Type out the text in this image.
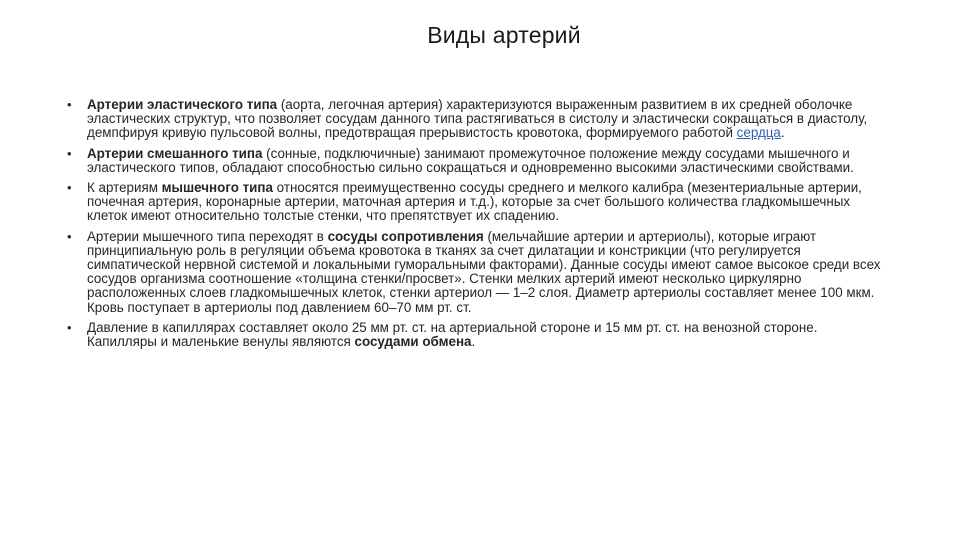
Виды артерий
• Артерии эластического типа (аорта, легочная артерия) характеризуются выраженным развитием в их средней оболочке эластических структур, что позволяет сосудам данного типа растягиваться в систолу и эластически сокращаться в диастолу, демпфируя кривую пульсовой волны, предотвращая прерывистость кровотока, формируемого работой сердца.
• Артерии смешанного типа (сонные, подключичные) занимают промежуточное положение между сосудами мышечного и эластического типов, обладают способностью сильно сокращаться и одновременно высокими эластическими свойствами.
• К артериям мышечного типа относятся преимущественно сосуды среднего и мелкого калибра (мезентериальные артерии, почечная артерия, коронарные артерии, маточная артерия и т.д.), которые за счет большого количества гладкомышечных клеток имеют относительно толстые стенки, что препятствует их спадению.
• Артерии мышечного типа переходят в сосуды сопротивления (мельчайшие артерии и артериолы), которые играют принципиальную роль в регуляции объема кровотока в тканях за счет дилатации и констрикции (что регулируется симпатической нервной системой и локальными гуморальными факторами). Данные сосуды имеют самое высокое среди всех сосудов организма соотношение «толщина стенки/просвет». Стенки мелких артерий имеют несколько циркулярно расположенных слоев гладкомышечных клеток, стенки артериол — 1–2 слоя. Диаметр артериолы составляет менее 100 мкм. Кровь поступает в артериолы под давлением 60–70 мм рт. ст.
• Давление в капиллярах составляет около 25 мм рт. ст. на артериальной стороне и 15 мм рт. ст. на венозной стороне. Капилляры и маленькие венулы являются сосудами обмена.
